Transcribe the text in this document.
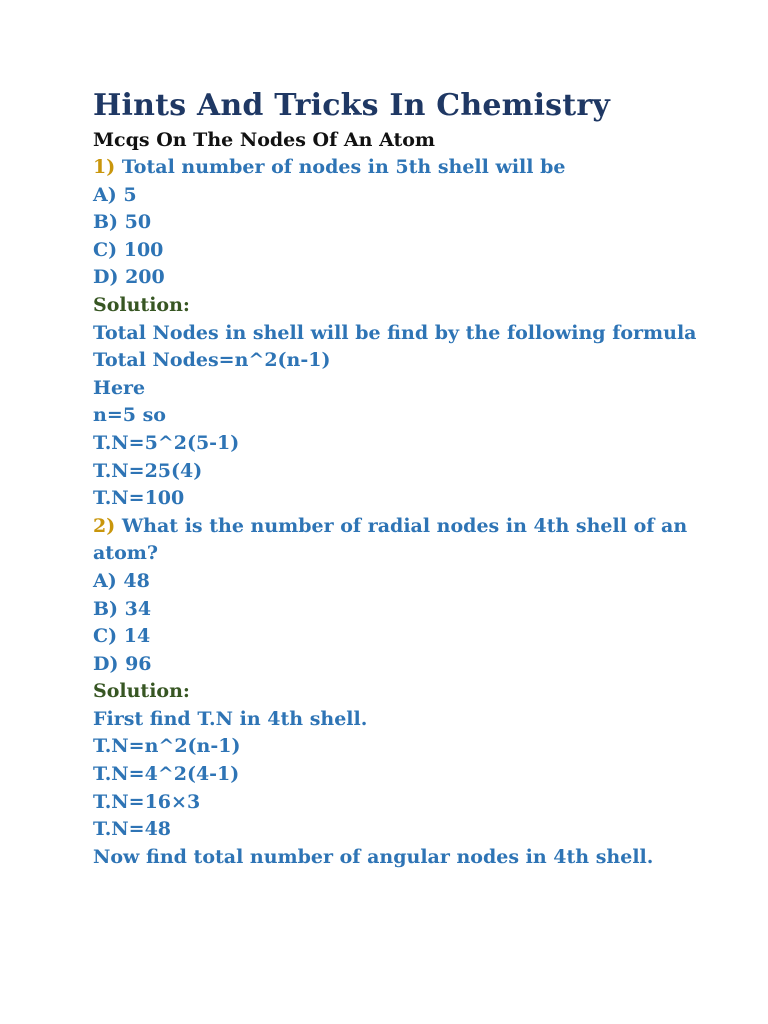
Hints And Tricks In Chemistry
Mcqs On The Nodes Of An Atom

1) Total number of nodes in 5th shell will be

A) 5

B) 50

C) 100

D) 200

Solution:

Total Nodes in shell will be find by the following formula

Total Nodes=n^2(n-1)

Here

n=5 so

T.N=5^2(5-1)

T.N=25(4)

T.N=100

2) What is the number of radial nodes in 4th shell of an atom?

A) 48

B) 34

C) 14

D) 96

Solution:

First find T.N in 4th shell.

T.N=n^2(n-1)

T.N=4^2(4-1)

T.N=16×3

T.N=48

Now find total number of angular nodes in 4th shell.
